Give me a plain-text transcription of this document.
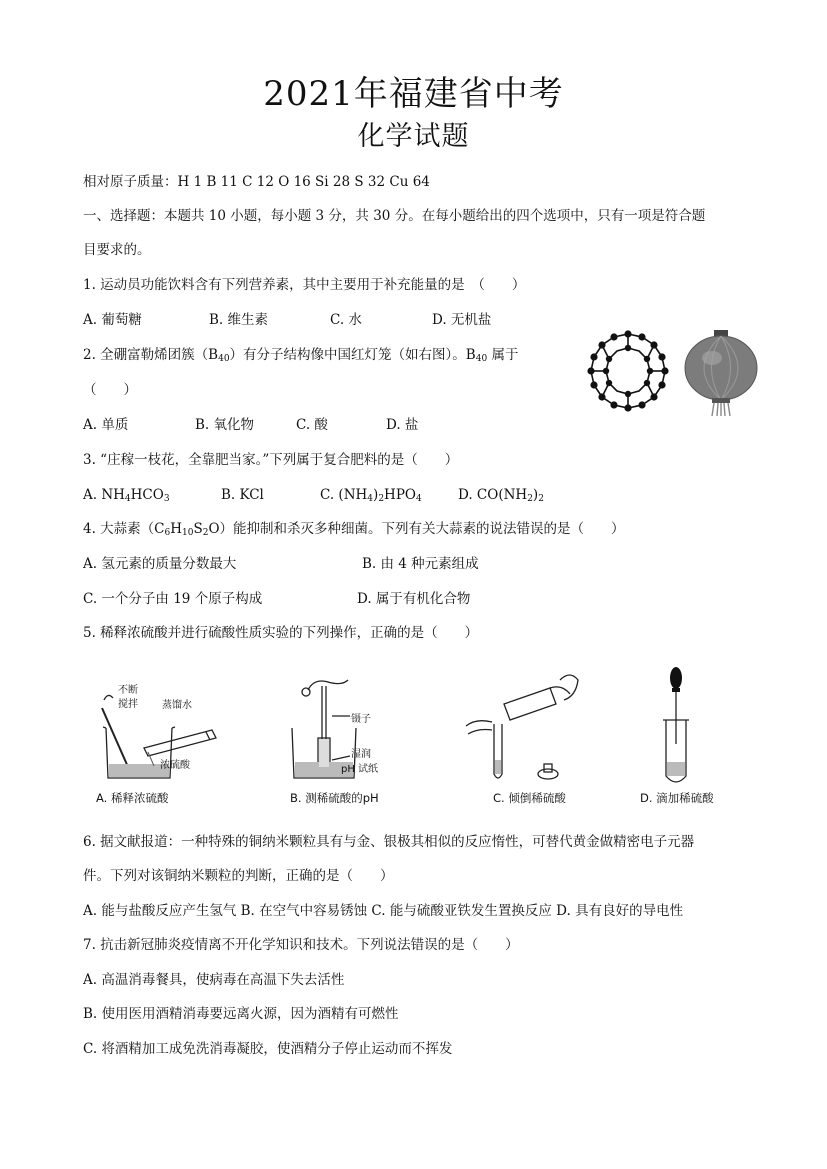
2021年福建省中考
化学试题
相对原子质量：H 1 B 11 C 12 O 16 Si 28 S 32 Cu 64
一、选择题：本题共 10 小题，每小题 3 分，共 30 分。在每小题给出的四个选项中，只有一项是符合题
目要求的。
1. 运动员功能饮料含有下列营养素，其中主要用于补充能量的是　（　　）
A. 葡萄糖	B. 维生素	C. 水	D. 无机盐
2. 全硼富勒烯团簇$(B_{40})$有分子结构像中国红灯笼（如右图）。$B_{40}$ 属于
（　　）
A. 单质	B. 氧化物	C. 酸	D. 盐
3. “庄稼一枝花，全靠肥当家。”下列属于复合肥料的是（　　）
A. $NH_4HCO_3$	B. KCl	C. $(NH_4)_2HPO_4$	D. $CO(NH_2)_2$
4. 大蒜素$(C_6H_{10}S_2O)$能抑制和杀灭多种细菌。下列有关大蒜素的说法错误的是（　　）
A. 氢元素的质量分数最大	B. 由 4 种元素组成
C. 一个分子由 19 个原子构成	D. 属于有机化合物
5. 稀释浓硫酸并进行硫酸性质实验的下列操作，正确的是（　　）
不断
搅拌 蒸馏水
浓硫酸
A. 稀释浓硫酸
镊子
湿润
pH 试纸
B. 测稀硫酸的pH	C. 倾倒稀硫酸	D. 滴加稀硫酸
6. 据文献报道：一种特殊的铜纳米颗粒具有与金、银极其相似的反应惰性，可替代黄金做精密电子元器
件。下列对该铜纳米颗粒的判断，正确的是（　　）
A. 能与盐酸反应产生氢气 B. 在空气中容易锈蚀 C. 能与硫酸亚铁发生置换反应 D. 具有良好的导电性
7. 抗击新冠肺炎疫情离不开化学知识和技术。下列说法错误的是（　　）
A. 高温消毒餐具，使病毒在高温下失去活性
B. 使用医用酒精消毒要远离火源，因为酒精有可燃性
C. 将酒精加工成免洗消毒凝胶，使酒精分子停止运动而不挥发
